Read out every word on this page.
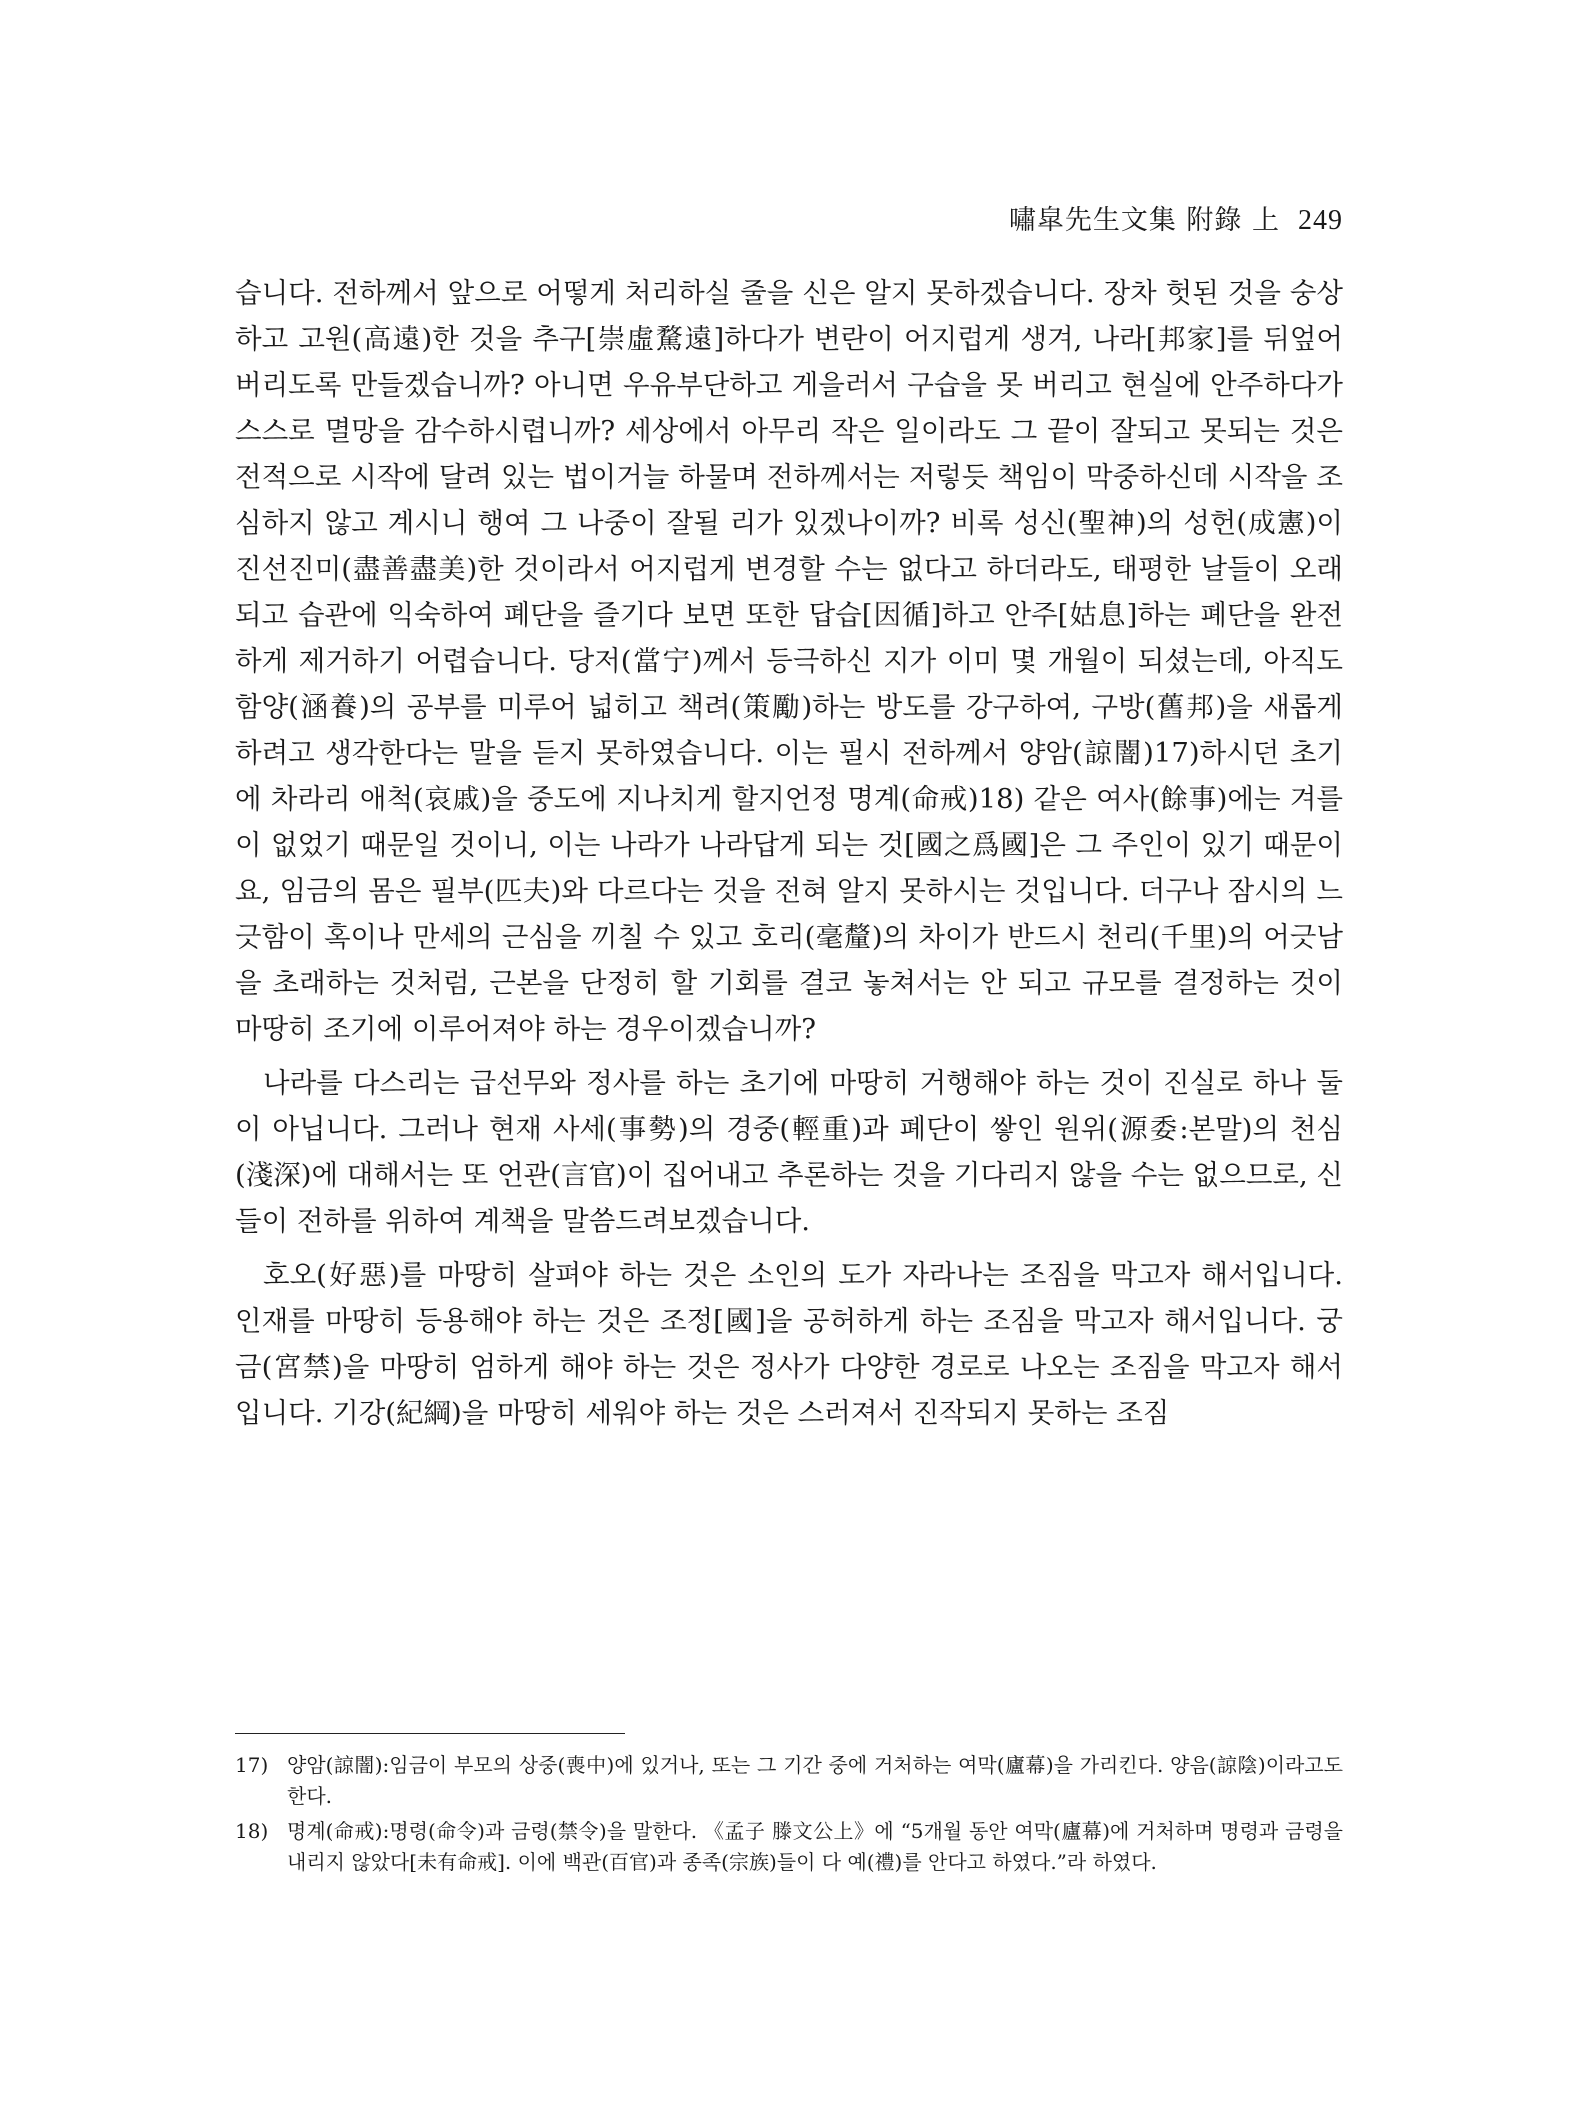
嘯皐先生文集 附錄 上 249

습니다. 전하께서 앞으로 어떻게 처리하실 줄을 신은 알지 못하겠습니다. 장차 헛된 것을 숭상하고 고원(高遠)한 것을 추구[崇虛騖遠]하다가 변란이 어지럽게 생겨, 나라[邦家]를 뒤엎어 버리도록 만들겠습니까? 아니면 우유부단하고 게을러서 구습을 못 버리고 현실에 안주하다가 스스로 멸망을 감수하시렵니까? 세상에서 아무리 작은 일이라도 그 끝이 잘되고 못되는 것은 전적으로 시작에 달려 있는 법이거늘 하물며 전하께서는 저렇듯 책임이 막중하신데 시작을 조심하지 않고 계시니 행여 그 나중이 잘될 리가 있겠나이까? 비록 성신(聖神)의 성헌(成憲)이 진선진미(盡善盡美)한 것이라서 어지럽게 변경할 수는 없다고 하더라도, 태평한 날들이 오래되고 습관에 익숙하여 폐단을 즐기다 보면 또한 답습[因循]하고 안주[姑息]하는 폐단을 완전하게 제거하기 어렵습니다. 당저(當宁)께서 등극하신 지가 이미 몇 개월이 되셨는데, 아직도 함양(涵養)의 공부를 미루어 넓히고 책려(策勵)하는 방도를 강구하여, 구방(舊邦)을 새롭게 하려고 생각한다는 말을 듣지 못하였습니다. 이는 필시 전하께서 양암(諒闇)17)하시던 초기에 차라리 애척(哀戚)을 중도에 지나치게 할지언정 명계(命戒)18) 같은 여사(餘事)에는 겨를이 없었기 때문일 것이니, 이는 나라가 나라답게 되는 것[國之爲國]은 그 주인이 있기 때문이요, 임금의 몸은 필부(匹夫)와 다르다는 것을 전혀 알지 못하시는 것입니다. 더구나 잠시의 느긋함이 혹이나 만세의 근심을 끼칠 수 있고 호리(毫釐)의 차이가 반드시 천리(千里)의 어긋남을 초래하는 것처럼, 근본을 단정히 할 기회를 결코 놓쳐서는 안 되고 규모를 결정하는 것이 마땅히 조기에 이루어져야 하는 경우이겠습니까?

나라를 다스리는 급선무와 정사를 하는 초기에 마땅히 거행해야 하는 것이 진실로 하나 둘이 아닙니다. 그러나 현재 사세(事勢)의 경중(輕重)과 폐단이 쌓인 원위(源委:본말)의 천심(淺深)에 대해서는 또 언관(言官)이 집어내고 추론하는 것을 기다리지 않을 수는 없으므로, 신들이 전하를 위하여 계책을 말씀드려보겠습니다.

호오(好惡)를 마땅히 살펴야 하는 것은 소인의 도가 자라나는 조짐을 막고자 해서입니다. 인재를 마땅히 등용해야 하는 것은 조정[國]을 공허하게 하는 조짐을 막고자 해서입니다. 궁금(宮禁)을 마땅히 엄하게 해야 하는 것은 정사가 다양한 경로로 나오는 조짐을 막고자 해서입니다. 기강(紀綱)을 마땅히 세워야 하는 것은 스러져서 진작되지 못하는 조짐

17) 양암(諒闇):임금이 부모의 상중(喪中)에 있거나, 또는 그 기간 중에 거처하는 여막(廬幕)을 가리킨다. 양음(諒陰)이라고도 한다.
18) 명계(命戒):명령(命令)과 금령(禁令)을 말한다. 《孟子 滕文公上》에 “5개월 동안 여막(廬幕)에 거처하며 명령과 금령을 내리지 않았다[未有命戒]. 이에 백관(百官)과 종족(宗族)들이 다 예(禮)를 안다고 하였다.”라 하였다.
